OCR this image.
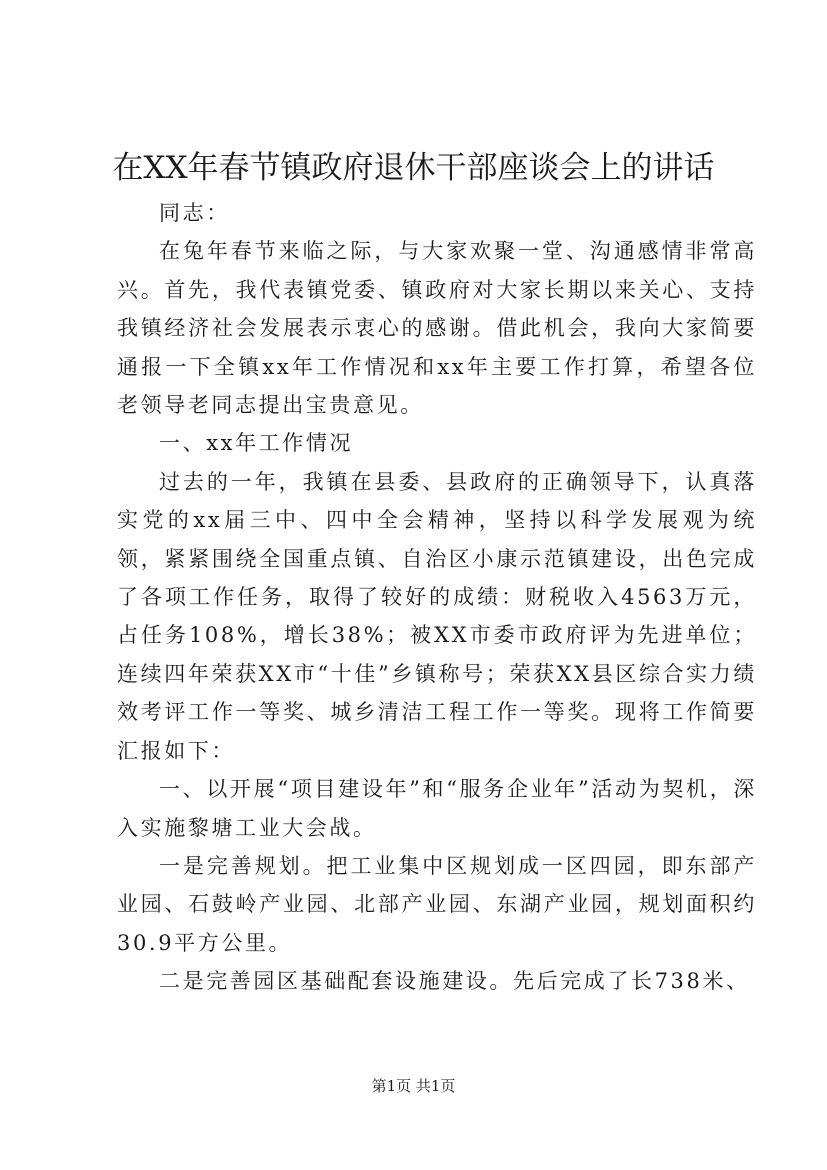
在XX年春节镇政府退休干部座谈会上的讲话

同志：

在兔年春节来临之际，与大家欢聚一堂、沟通感情非常高兴。首先，我代表镇党委、镇政府对大家长期以来关心、支持我镇经济社会发展表示衷心的感谢。借此机会，我向大家简要通报一下全镇xx年工作情况和xx年主要工作打算，希望各位老领导老同志提出宝贵意见。

一、xx年工作情况

过去的一年，我镇在县委、县政府的正确领导下，认真落实党的xx届三中、四中全会精神，坚持以科学发展观为统领，紧紧围绕全国重点镇、自治区小康示范镇建设，出色完成了各项工作任务，取得了较好的成绩：财税收入4563万元，占任务108%，增长38%；被XX市委市政府评为先进单位；连续四年荣获XX市“十佳”乡镇称号；荣获XX县区综合实力绩效考评工作一等奖、城乡清洁工程工作一等奖。现将工作简要汇报如下：

一、以开展“项目建设年”和“服务企业年”活动为契机，深入实施黎塘工业大会战。

一是完善规划。把工业集中区规划成一区四园，即东部产业园、石鼓岭产业园、北部产业园、东湖产业园，规划面积约30.9平方公里。

二是完善园区基础配套设施建设。先后完成了长738米、

第1页 共1页
